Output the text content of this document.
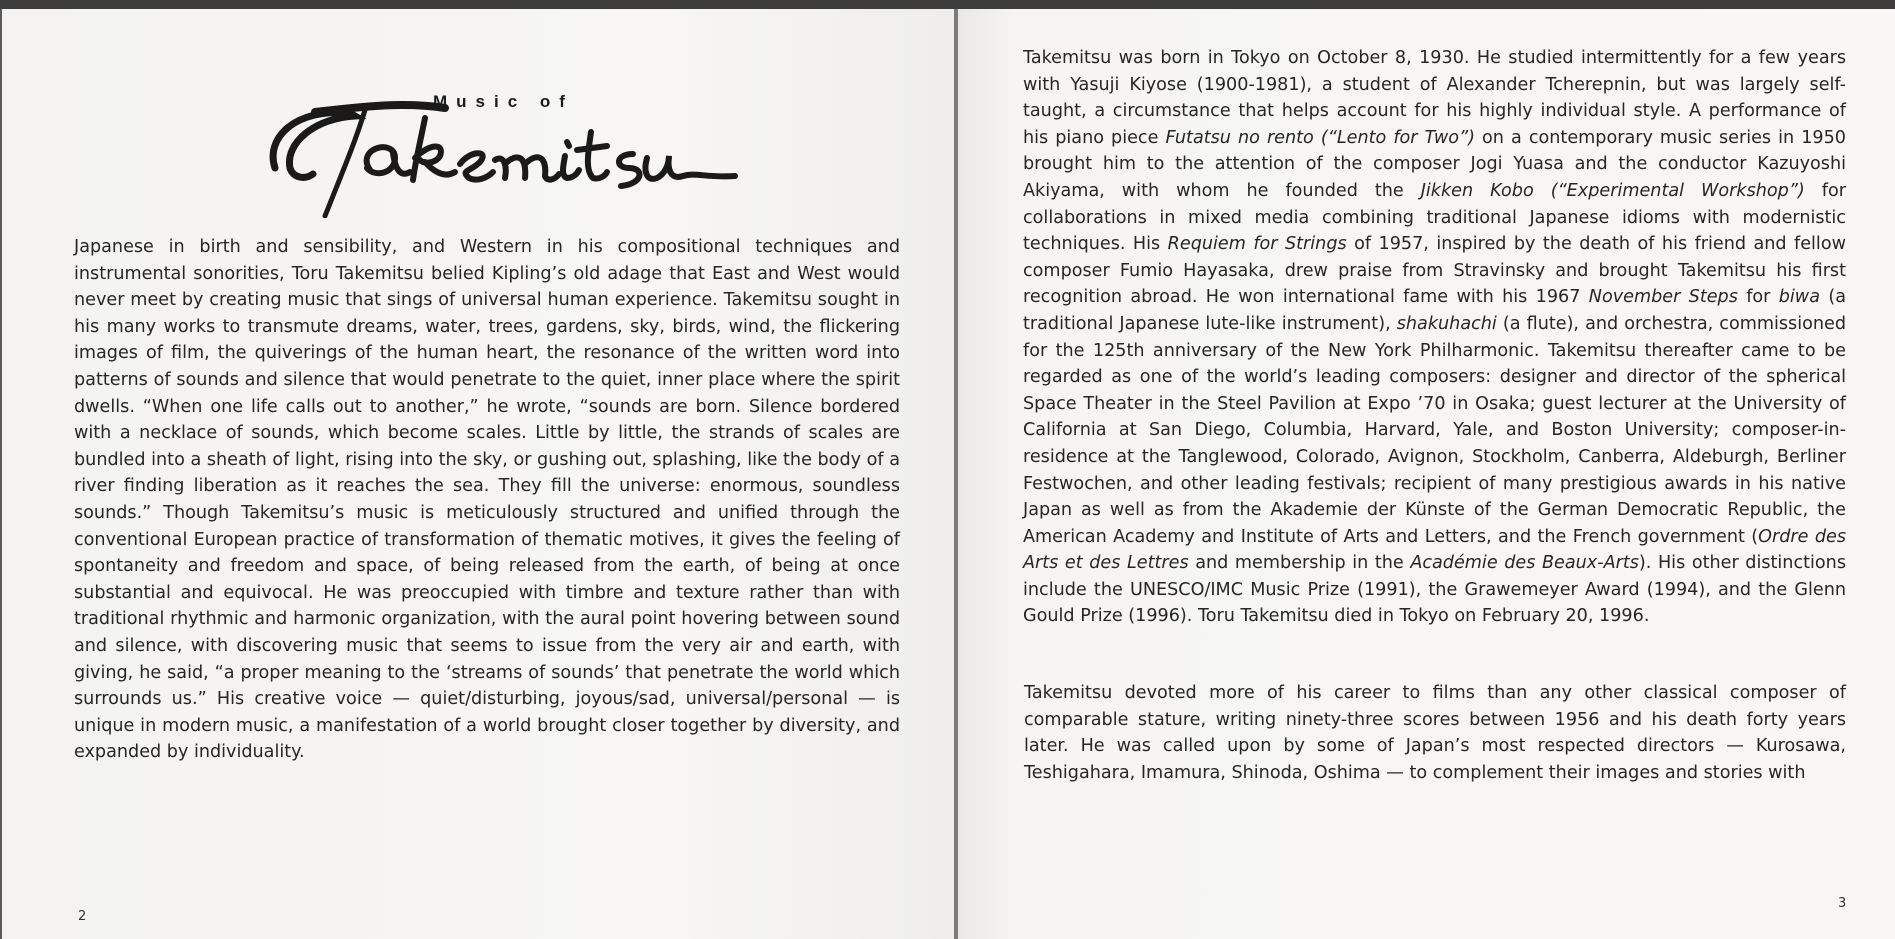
Music of

Japanese in birth and sensibility, and Western in his compositional techniques and instrumental sonorities, Toru Takemitsu belied Kipling’s old adage that East and West would never meet by creating music that sings of universal human experience. Takemitsu sought in his many works to transmute dreams, water, trees, gardens, sky, birds, wind, the flickering images of film, the quiverings of the human heart, the resonance of the written word into patterns of sounds and silence that would penetrate to the quiet, inner place where the spirit dwells. “When one life calls out to another,” he wrote, “sounds are born. Silence bordered with a necklace of sounds, which become scales. Little by little, the strands of scales are bundled into a sheath of light, rising into the sky, or gushing out, splashing, like the body of a river finding liberation as it reaches the sea. They fill the universe: enormous, soundless sounds.” Though Takemitsu’s music is meticulously structured and unified through the conventional European practice of transformation of thematic motives, it gives the feeling of spontaneity and freedom and space, of being released from the earth, of being at once substantial and equivocal. He was preoccupied with timbre and texture rather than with traditional rhythmic and harmonic organization, with the aural point hovering between sound and silence, with discovering music that seems to issue from the very air and earth, with giving, he said, “a proper meaning to the ‘streams of sounds’ that penetrate the world which surrounds us.” His creative voice — quiet/disturbing, joyous/sad, universal/personal — is unique in modern music, a manifestation of a world brought closer together by diversity, and expanded by individuality.

2

Takemitsu was born in Tokyo on October 8, 1930. He studied intermittently for a few years with Yasuji Kiyose (1900-1981), a student of Alexander Tcherepnin, but was largely self-taught, a circumstance that helps account for his highly individual style. A performance of his piano piece Futatsu no rento (“Lento for Two”) on a contemporary music series in 1950 brought him to the attention of the composer Jogi Yuasa and the conductor Kazuyoshi Akiyama, with whom he founded the Jikken Kobo (“Experimental Workshop”) for collaborations in mixed media combining traditional Japanese idioms with modernistic techniques. His Requiem for Strings of 1957, inspired by the death of his friend and fellow composer Fumio Hayasaka, drew praise from Stravinsky and brought Takemitsu his first recognition abroad. He won international fame with his 1967 November Steps for biwa (a traditional Japanese lute-like instrument), shakuhachi (a flute), and orchestra, commissioned for the 125th anniversary of the New York Philharmonic. Takemitsu thereafter came to be regarded as one of the world’s leading composers: designer and director of the spherical Space Theater in the Steel Pavilion at Expo ’70 in Osaka; guest lecturer at the University of California at San Diego, Columbia, Harvard, Yale, and Boston University; composer-in-residence at the Tanglewood, Colorado, Avignon, Stockholm, Canberra, Aldeburgh, Berliner Festwochen, and other leading festivals; recipient of many prestigious awards in his native Japan as well as from the Akademie der Künste of the German Democratic Republic, the American Academy and Institute of Arts and Letters, and the French government (Ordre des Arts et des Lettres and membership in the Académie des Beaux-Arts). His other distinctions include the UNESCO/IMC Music Prize (1991), the Grawemeyer Award (1994), and the Glenn Gould Prize (1996). Toru Takemitsu died in Tokyo on February 20, 1996.

Takemitsu devoted more of his career to films than any other classical composer of comparable stature, writing ninety-three scores between 1956 and his death forty years later. He was called upon by some of Japan’s most respected directors — Kurosawa, Teshigahara, Imamura, Shinoda, Oshima — to complement their images and stories with

3
